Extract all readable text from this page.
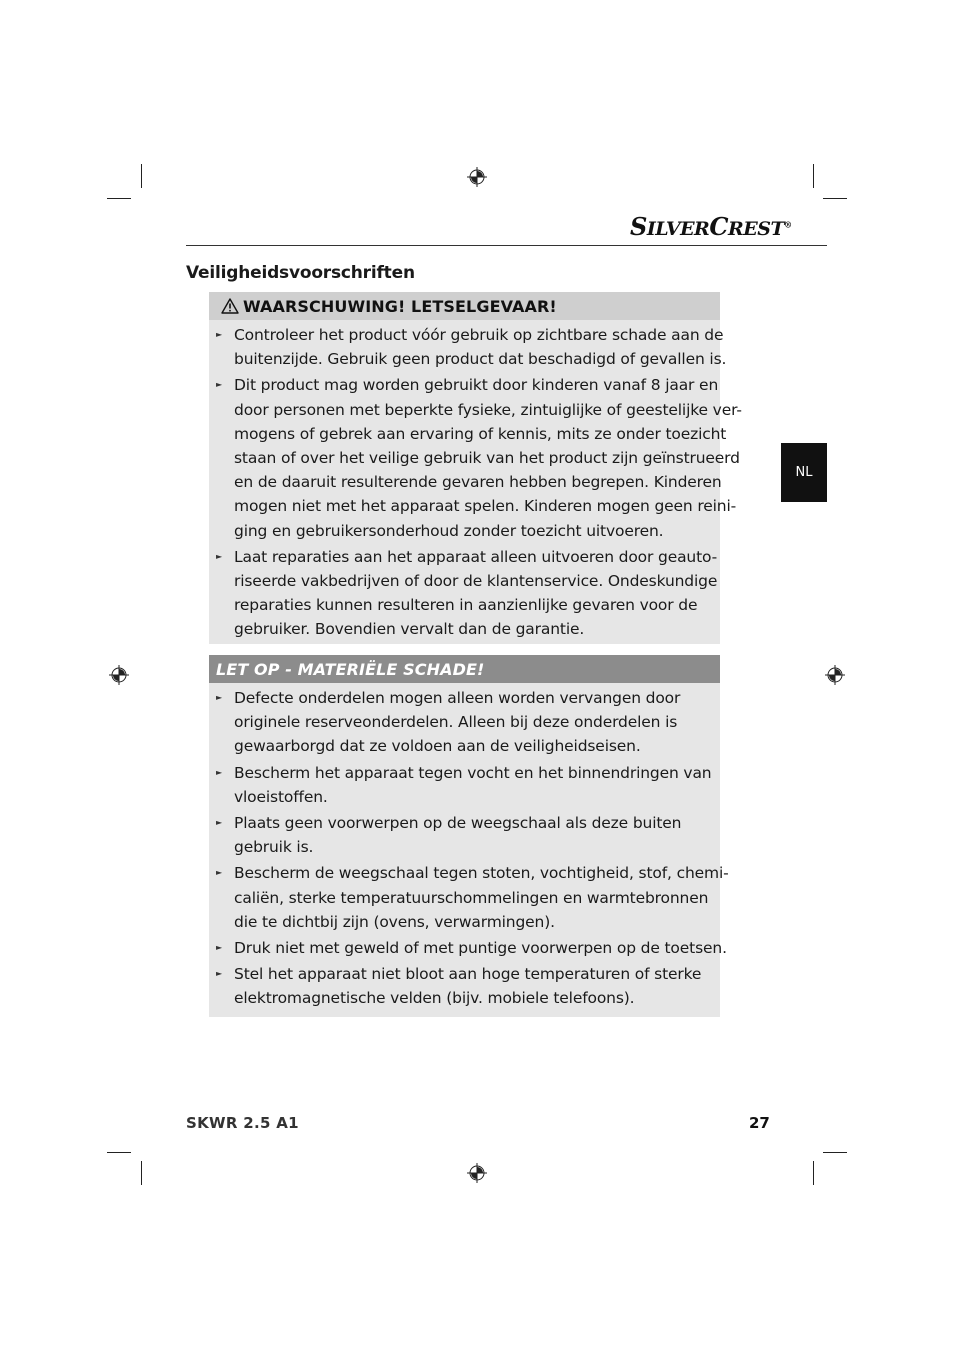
SILVERCREST®
Veiligheidsvoorschriften
NL
WAARSCHUWING! LETSELGEVAAR!
► Controleer het product vóór gebruik op zichtbare schade aan de
buitenzijde. Gebruik geen product dat beschadigd of gevallen is.
► Dit product mag worden gebruikt door kinderen vanaf 8 jaar en
door personen met beperkte fysieke, zintuiglijke of geestelijke ver-
mogens of gebrek aan ervaring of kennis, mits ze onder toezicht
staan of over het veilige gebruik van het product zijn geïnstrueerd
en de daaruit resulterende gevaren hebben begrepen. Kinderen
mogen niet met het apparaat spelen. Kinderen mogen geen reini-
ging en gebruikersonderhoud zonder toezicht uitvoeren.
► Laat reparaties aan het apparaat alleen uitvoeren door geauto-
riseerde vakbedrijven of door de klantenservice. Ondeskundige
reparaties kunnen resulteren in aanzienlijke gevaren voor de
gebruiker. Bovendien vervalt dan de garantie.
LET OP - MATERIËLE SCHADE!
► Defecte onderdelen mogen alleen worden vervangen door
originele reserveonderdelen. Alleen bij deze onderdelen is
gewaarborgd dat ze voldoen aan de veiligheidseisen.
► Bescherm het apparaat tegen vocht en het binnendringen van
vloeistoffen.
► Plaats geen voorwerpen op de weegschaal als deze buiten
gebruik is.
► Bescherm de weegschaal tegen stoten, vochtigheid, stof, chemi-
caliën, sterke temperatuurschommelingen en warmtebronnen
die te dichtbij zijn (ovens, verwarmingen).
► Druk niet met geweld of met puntige voorwerpen op de toetsen.
► Stel het apparaat niet bloot aan hoge temperaturen of sterke
elektromagnetische velden (bijv. mobiele telefoons).
SKWR 2.5 A1	27
